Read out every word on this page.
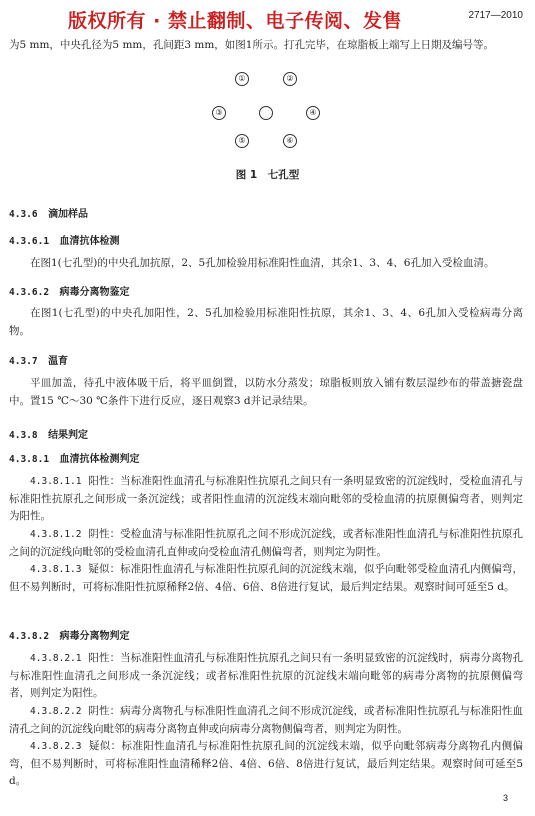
版权所有 · 禁止翻制、电子传阅、发售	2717—2010
为5 mm，中央孔径为5 mm，孔间距3 mm，如图1所示。打孔完毕，在琼脂板上端写上日期及编号等。
①	②
③	④
⑤	⑥
图 1　七孔型
4.3.6 滴加样品
4.3.6.1 血清抗体检测
在图1(七孔型)的中央孔加抗原，2、5孔加检验用标准阳性血清，其余1、3、4、6孔加入受检血清。
4.3.6.2 病毒分离物鉴定
在图1(七孔型)的中央孔加阳性，2、5孔加检验用标准阳性抗原，其余1、3、4、6孔加入受检病毒分离物。
4.3.7 温育
平皿加盖，待孔中液体吸干后，将平皿倒置，以防水分蒸发；琼脂板则放入铺有数层湿纱布的带盖搪瓷盘中。置15 ℃～30 ℃条件下进行反应，逐日观察3 d并记录结果。
4.3.8 结果判定
4.3.8.1 血清抗体检测判定
4.3.8.1.1 阳性：当标准阳性血清孔与标准阳性抗原孔之间只有一条明显致密的沉淀线时，受检血清孔与标准阳性抗原孔之间形成一条沉淀线；或者阳性血清的沉淀线末端向毗邻的受检血清的抗原侧偏弯者，则判定为阳性。
4.3.8.1.2 阴性：受检血清与标准阳性抗原孔之间不形成沉淀线，或者标准阳性血清孔与标准阳性抗原孔之间的沉淀线向毗邻的受检血清孔直伸或向受检血清孔侧偏弯者，则判定为阴性。
4.3.8.1.3 疑似：标准阳性血清孔与标准阳性抗原孔间的沉淀线末端，似乎向毗邻受检血清孔内侧偏弯，但不易判断时，可将标准阳性抗原稀释2倍、4倍、6倍、8倍进行复试，最后判定结果。观察时间可延至5 d。
4.3.8.2 病毒分离物判定
4.3.8.2.1 阳性：当标准阳性血清孔与标准阳性抗原孔之间只有一条明显致密的沉淀线时，病毒分离物孔与标准阳性血清孔之间形成一条沉淀线；或者标准阳性抗原的沉淀线末端向毗邻的病毒分离物的抗原侧偏弯者，则判定为阳性。
4.3.8.2.2 阴性：病毒分离物孔与标准阳性血清孔之间不形成沉淀线，或者标准阳性抗原孔与标准阳性血清孔之间的沉淀线向毗邻的病毒分离物直伸或向病毒分离物侧偏弯者，则判定为阴性。
4.3.8.2.3 疑似：标准阳性血清孔与标准阳性抗原孔间的沉淀线末端，似乎向毗邻病毒分离物孔内侧偏弯，但不易判断时，可将标准阳性血清稀释2倍、4倍、6倍、8倍进行复试，最后判定结果。观察时间可延至5 d。
3
